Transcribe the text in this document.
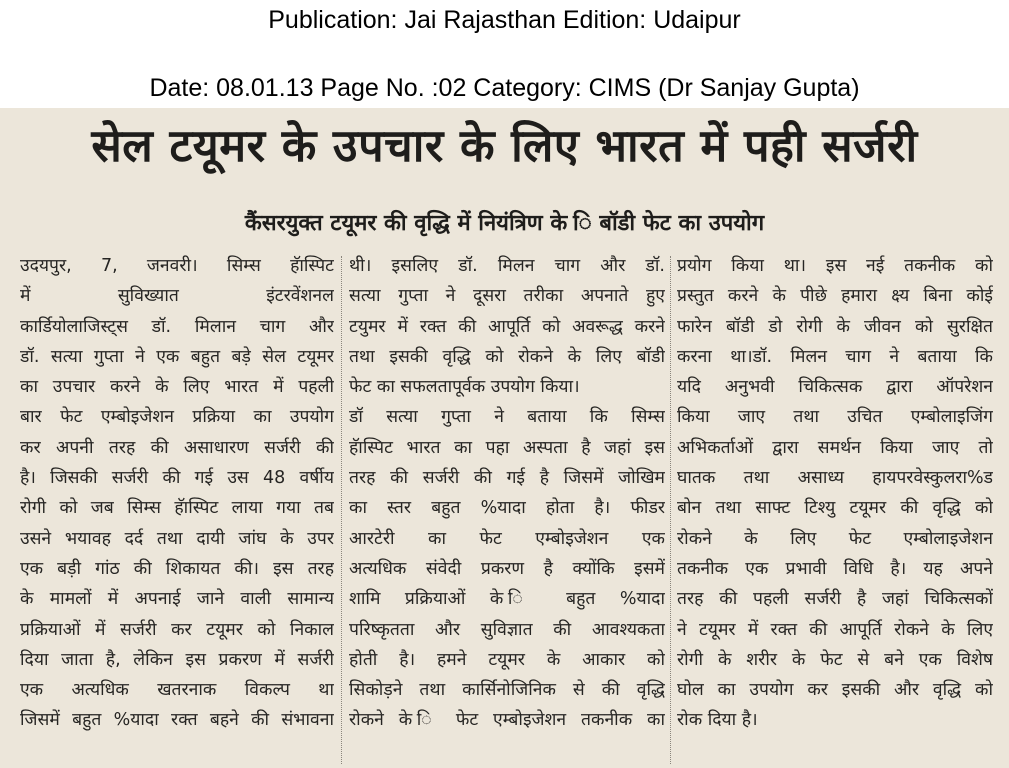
Publication: Jai Rajasthan Edition: Udaipur
Date: 08.01.13 Page No. :02 Category: CIMS (Dr Sanjay Gupta)
सेल टयूमर के उपचार के लिए भारत में पही सर्जरी
कैंसरयुक्त टयूमर की वृद्धि में नियंत्रिण के ि बॉडी फेट का उपयोग
उदयपुर, 7, जनवरी। सिम्स हॅास्पिट
में सुविख्यात इंटरवेंशनल
कार्डियोलाजिस्ट्स डॉ. मिलान चाग और
डॉ. सत्या गुप्ता ने एक बहुत बड़े सेल टयूमर
का उपचार करने के लिए भारत में पहली
बार फेट एम्बोइजेशन प्रक्रिया का उपयोग
कर अपनी तरह की असाधारण सर्जरी की
है। जिसकी सर्जरी की गई उस 48 वर्षीय
रोगी को जब सिम्स हॅास्पिट लाया गया तब
उसने भयावह दर्द तथा दायी जांघ के उपर
एक बड़ी गांठ की शिकायत की। इस तरह
के मामलों में अपनाई जाने वाली सामान्य
प्रक्रियाओं में सर्जरी कर टयूमर को निकाल
दिया जाता है, लेकिन इस प्रकरण में सर्जरी
एक अत्यधिक खतरनाक विकल्प था
जिसमें बहुत %यादा रक्त बहने की संभावना
थी। इसलिए डॉ. मिलन चाग और डॉ.
सत्या गुप्ता ने दूसरा तरीका अपनाते हुए
टयुमर में रक्त की आपूर्ति को अवरूद्ध करने
तथा इसकी वृद्धि को रोकने के लिए बॉडी
फेट का सफलतापूर्वक उपयोग किया।
डॉ सत्या गुप्ता ने बताया कि सिम्स
हॅास्पिट भारत का पहा अस्पता है जहां इस
तरह की सर्जरी की गई है जिसमें जोखिम
का स्तर बहुत %यादा होता है। फीडर
आरटेरी का फेट एम्बोइजेशन एक
अत्यधिक संवेदी प्रकरण है क्योंकि इसमें
शामि प्रक्रियाओं के ि बहुत %यादा
परिष्कृतता और सुविज्ञात की आवश्यकता
होती है। हमने टयूमर के आकार को
सिकोड़ने तथा कार्सिनोजिनिक से की वृद्धि
रोकने के ि फेट एम्बोइजेशन तकनीक का
प्रयोग किया था। इस नई तकनीक को
प्रस्तुत करने के पीछे हमारा क्ष्य बिना कोई
फारेन बॉडी डो रोगी के जीवन को सुरक्षित
करना था।डॉ. मिलन चाग ने बताया कि
यदि अनुभवी चिकित्सक द्वारा ऑपरेशन
किया जाए तथा उचित एम्बोलाइजिंग
अभिकर्ताओं द्वारा समर्थन किया जाए तो
घातक तथा असाध्य हायपरवेस्कुलरा%ड
बोन तथा साफ्ट टिश्यु टयूमर की वृद्धि को
रोकने के लिए फेट एम्बोलाइजेशन
तकनीक एक प्रभावी विधि है। यह अपने
तरह की पहली सर्जरी है जहां चिकित्सकों
ने टयूमर में रक्त की आपूर्ति रोकने के लिए
रोगी के शरीर के फेट से बने एक विशेष
घोल का उपयोग कर इसकी और वृद्धि को
रोक दिया है।
